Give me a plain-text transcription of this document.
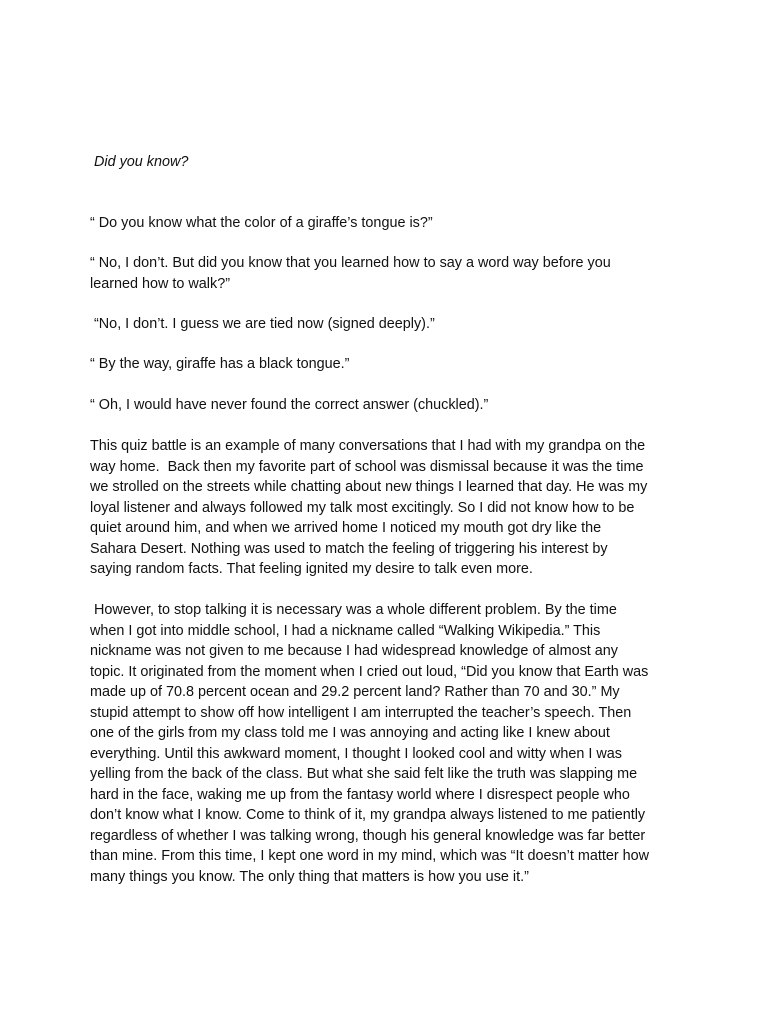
Did you know?

“ Do you know what the color of a giraffe’s tongue is?”

“ No, I don’t. But did you know that you learned how to say a word way before you
learned how to walk?”

“No, I don’t. I guess we are tied now (signed deeply).”

“ By the way, giraffe has a black tongue.”

“ Oh, I would have never found the correct answer (chuckled).”

This quiz battle is an example of many conversations that I had with my grandpa on the
way home.  Back then my favorite part of school was dismissal because it was the time
we strolled on the streets while chatting about new things I learned that day. He was my
loyal listener and always followed my talk most excitingly. So I did not know how to be
quiet around him, and when we arrived home I noticed my mouth got dry like the
Sahara Desert. Nothing was used to match the feeling of triggering his interest by
saying random facts. That feeling ignited my desire to talk even more.

However, to stop talking it is necessary was a whole different problem. By the time
when I got into middle school, I had a nickname called “Walking Wikipedia.” This
nickname was not given to me because I had widespread knowledge of almost any
topic. It originated from the moment when I cried out loud, “Did you know that Earth was
made up of 70.8 percent ocean and 29.2 percent land? Rather than 70 and 30.” My
stupid attempt to show off how intelligent I am interrupted the teacher’s speech. Then
one of the girls from my class told me I was annoying and acting like I knew about
everything. Until this awkward moment, I thought I looked cool and witty when I was
yelling from the back of the class. But what she said felt like the truth was slapping me
hard in the face, waking me up from the fantasy world where I disrespect people who
don’t know what I know. Come to think of it, my grandpa always listened to me patiently
regardless of whether I was talking wrong, though his general knowledge was far better
than mine. From this time, I kept one word in my mind, which was “It doesn’t matter how
many things you know. The only thing that matters is how you use it.”
